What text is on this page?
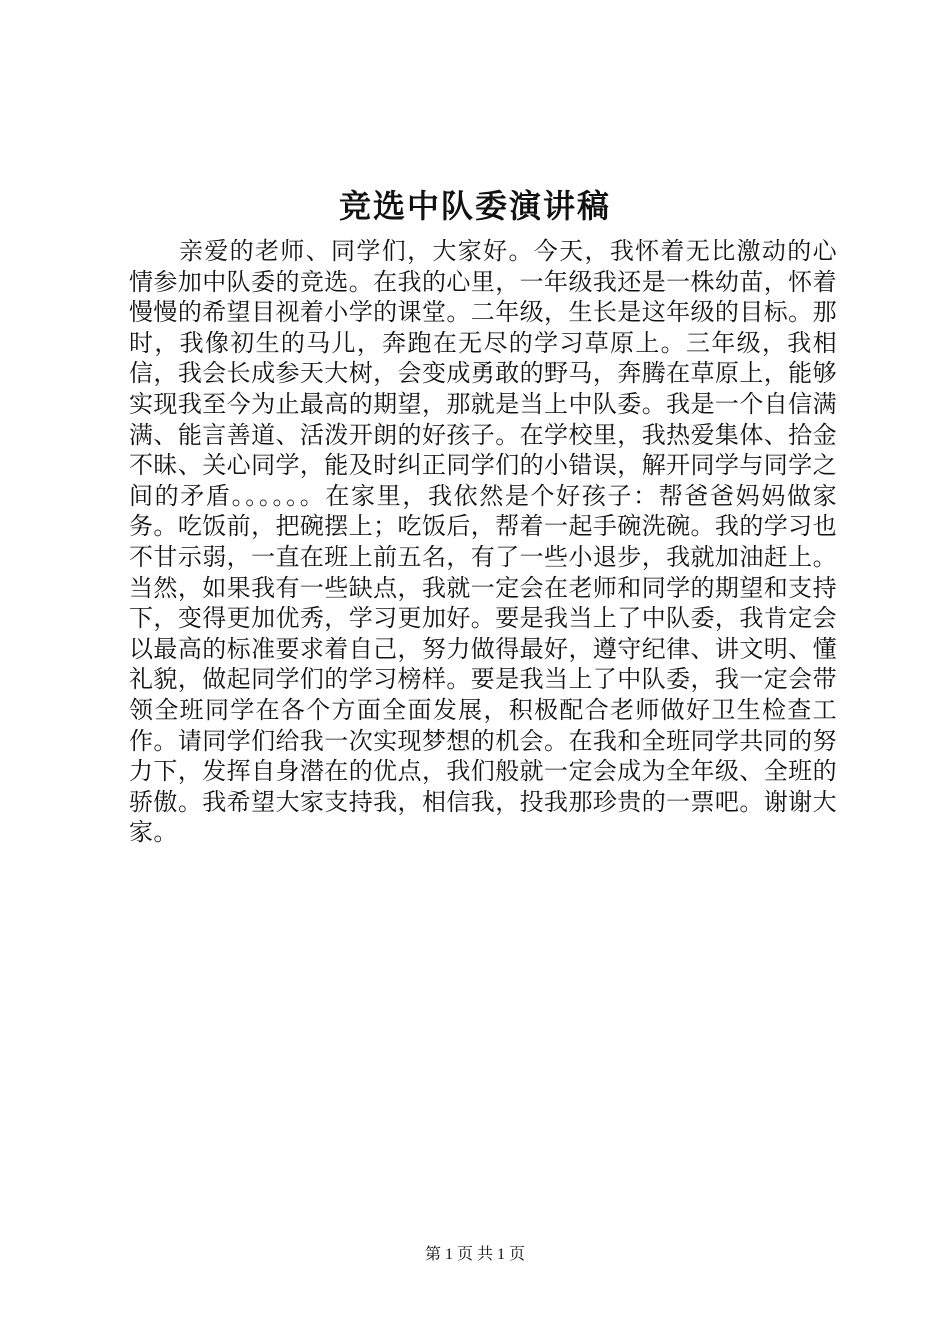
竞选中队委演讲稿
亲爱的老师、同学们，大家好。今天，我怀着无比激动的心情参加中队委的竞选。在我的心里，一年级我还是一株幼苗，怀着慢慢的希望目视着小学的课堂。二年级，生长是这年级的目标。那时，我像初生的马儿，奔跑在无尽的学习草原上。三年级，我相信，我会长成参天大树，会变成勇敢的野马，奔腾在草原上，能够实现我至今为止最高的期望，那就是当上中队委。我是一个自信满满、能言善道、活泼开朗的好孩子。在学校里，我热爱集体、拾金不昧、关心同学，能及时纠正同学们的小错误，解开同学与同学之间的矛盾。。。。。。在家里，我依然是个好孩子：帮爸爸妈妈做家务。吃饭前，把碗摆上；吃饭后，帮着一起手碗洗碗。我的学习也不甘示弱，一直在班上前五名，有了一些小退步，我就加油赶上。当然，如果我有一些缺点，我就一定会在老师和同学的期望和支持下，变得更加优秀，学习更加好。要是我当上了中队委，我肯定会以最高的标准要求着自己，努力做得最好，遵守纪律、讲文明、懂礼貌，做起同学们的学习榜样。要是我当上了中队委，我一定会带领全班同学在各个方面全面发展，积极配合老师做好卫生检查工作。请同学们给我一次实现梦想的机会。在我和全班同学共同的努力下，发挥自身潜在的优点，我们般就一定会成为全年级、全班的骄傲。我希望大家支持我，相信我，投我那珍贵的一票吧。谢谢大家。
第 1 页 共 1 页
